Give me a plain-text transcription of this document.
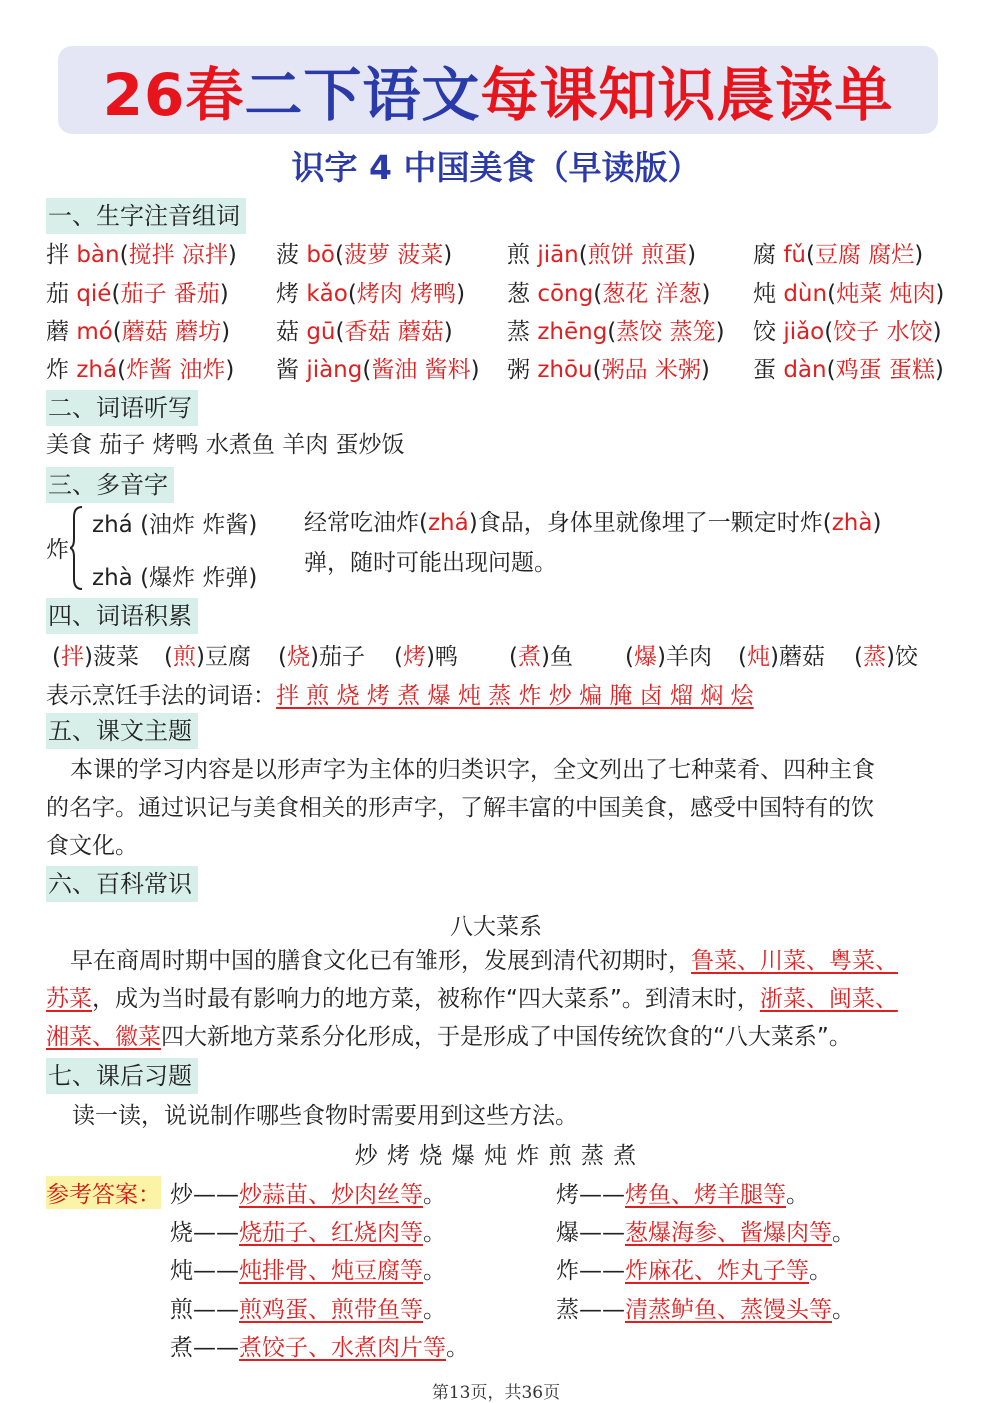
26春 二下语文 每课知识晨读单
识字 4 中国美食（早读版）
一、生字注音组词
拌 bàn(搅拌 凉拌) 菠 bō(菠萝 菠菜) 煎 jiān(煎饼 煎蛋) 腐 fǔ(豆腐 腐烂)
茄 qié(茄子 番茄) 烤 kǎo(烤肉 烤鸭) 葱 cōng(葱花 洋葱) 炖 dùn(炖菜 炖肉)
蘑 mó(蘑菇 蘑坊) 菇 gū(香菇 蘑菇) 蒸 zhēng(蒸饺 蒸笼) 饺 jiǎo(饺子 水饺)
炸 zhá(炸酱 油炸) 酱 jiàng(酱油 酱料) 粥 zhōu(粥品 米粥) 蛋 dàn(鸡蛋 蛋糕)
二、词语听写
美食 茄子 烤鸭 水煮鱼 羊肉 蛋炒饭
三、多音字
炸
zhá (油炸 炸酱)
zhà (爆炸 炸弹)
经常吃油炸(zhá)食品，身体里就像埋了一颗定时炸(zhà)
弹，随时可能出现问题。
四、词语积累
(拌)菠菜 (煎)豆腐 (烧)茄子 (烤)鸭 (煮)鱼 (爆)羊肉 (炖)蘑菇 (蒸)饺
表示烹饪手法的词语：拌 煎 烧 烤 煮 爆 炖 蒸 炸 炒 煸 腌 卤 熘 焖 烩
五、课文主题
本课的学习内容是以形声字为主体的归类识字，全文列出了七种菜肴、四种主食
的名字。通过识记与美食相关的形声字，了解丰富的中国美食，感受中国特有的饮
食文化。
六、百科常识
八大菜系
早在商周时期中国的膳食文化已有雏形，发展到清代初期时，鲁菜、川菜、粤菜、
苏菜，成为当时最有影响力的地方菜，被称作“四大菜系”。到清末时，浙菜、闽菜、
湘菜、徽菜四大新地方菜系分化形成，于是形成了中国传统饮食的“八大菜系”。
七、课后习题
读一读，说说制作哪些食物时需要用到这些方法。
炒 烤 烧 爆 炖 炸 煎 蒸 煮
参考答案： 炒——炒蒜苗、炒肉丝等。	烤——烤鱼、烤羊腿等。
烧——烧茄子、红烧肉等。	爆——葱爆海参、酱爆肉等。
炖——炖排骨、炖豆腐等。	炸——炸麻花、炸丸子等。
煎——煎鸡蛋、煎带鱼等。	蒸——清蒸鲈鱼、蒸馒头等。
煮——煮饺子、水煮肉片等。
第13页，共36页
